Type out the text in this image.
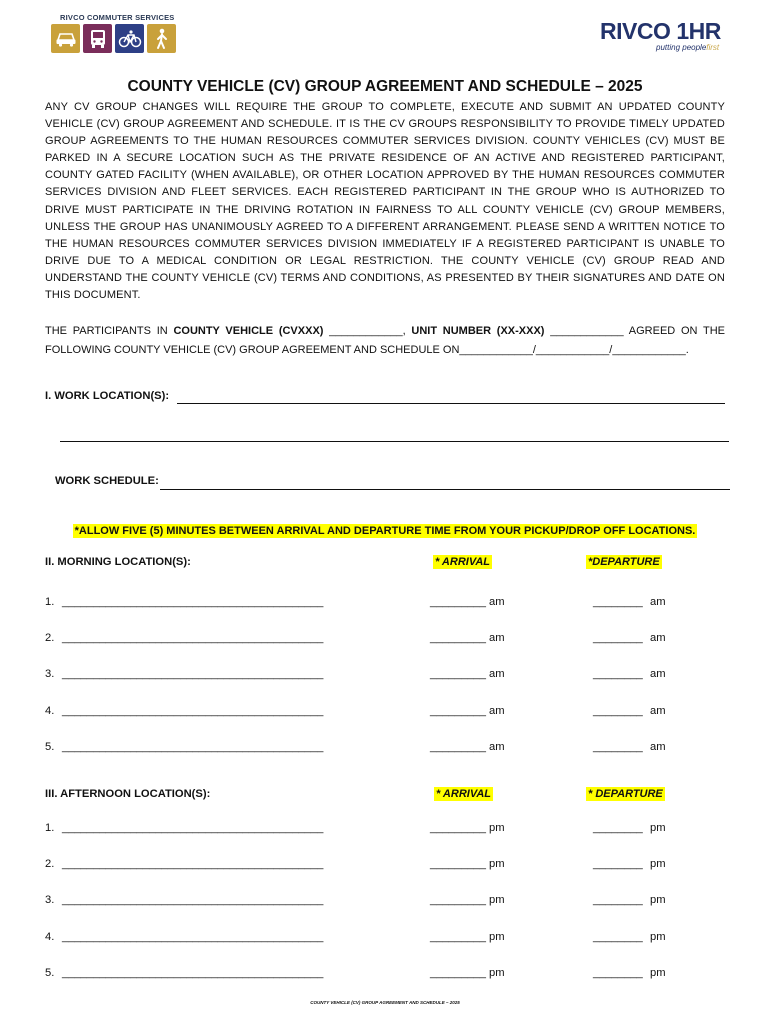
RIVCO COMMUTER SERVICES
RIVCO 1HR
putting peoplefirst
COUNTY VEHICLE (CV) GROUP AGREEMENT AND SCHEDULE – 2025
ANY CV GROUP CHANGES WILL REQUIRE THE GROUP TO COMPLETE, EXECUTE AND SUBMIT AN UPDATED COUNTY VEHICLE (CV) GROUP AGREEMENT AND SCHEDULE. IT IS THE CV GROUPS RESPONSIBILITY TO PROVIDE TIMELY UPDATED GROUP AGREEMENTS TO THE HUMAN RESOURCES COMMUTER SERVICES DIVISION. COUNTY VEHICLES (CV) MUST BE PARKED IN A SECURE LOCATION SUCH AS THE PRIVATE RESIDENCE OF AN ACTIVE AND REGISTERED PARTICIPANT, COUNTY GATED FACILITY (WHEN AVAILABLE), OR OTHER LOCATION APPROVED BY THE HUMAN RESOURCES COMMUTER SERVICES DIVISION AND FLEET SERVICES. EACH REGISTERED PARTICIPANT IN THE GROUP WHO IS AUTHORIZED TO DRIVE MUST PARTICIPATE IN THE DRIVING ROTATION IN FAIRNESS TO ALL COUNTY VEHICLE (CV) GROUP MEMBERS, UNLESS THE GROUP HAS UNANIMOUSLY AGREED TO A DIFFERENT ARRANGEMENT. PLEASE SEND A WRITTEN NOTICE TO THE HUMAN RESOURCES COMMUTER SERVICES DIVISION IMMEDIATELY IF A REGISTERED PARTICIPANT IS UNABLE TO DRIVE DUE TO A MEDICAL CONDITION OR LEGAL RESTRICTION. THE COUNTY VEHICLE (CV) GROUP READ AND UNDERSTAND THE COUNTY VEHICLE (CV) TERMS AND CONDITIONS, AS PRESENTED BY THEIR SIGNATURES AND DATE ON THIS DOCUMENT.
THE PARTICIPANTS IN COUNTY VEHICLE (CVXXX) ____________, UNIT NUMBER (XX-XXX) ____________ AGREED ON THE FOLLOWING COUNTY VEHICLE (CV) GROUP AGREEMENT AND SCHEDULE ON____________/____________/____________.
I. WORK LOCATION(S):
WORK SCHEDULE:
*ALLOW FIVE (5) MINUTES BETWEEN ARRIVAL AND DEPARTURE TIME FROM YOUR PICKUP/DROP OFF LOCATIONS.
II. MORNING LOCATION(S):	* ARRIVAL	*DEPARTURE
1. __________________________________________	_________ am	________ am
2. __________________________________________	_________ am	________ am
3. __________________________________________	_________ am	________ am
4. __________________________________________	_________ am	________ am
5. __________________________________________	_________ am	________ am
III. AFTERNOON LOCATION(S):	* ARRIVAL	* DEPARTURE
1. __________________________________________	_________ pm	________ pm
2. __________________________________________	_________ pm	________ pm
3. __________________________________________	_________ pm	________ pm
4. __________________________________________	_________ pm	________ pm
5. __________________________________________	_________ pm	________ pm
COUNTY VEHICLE (CV) GROUP AGREEMENT AND SCHEDULE – 2025
